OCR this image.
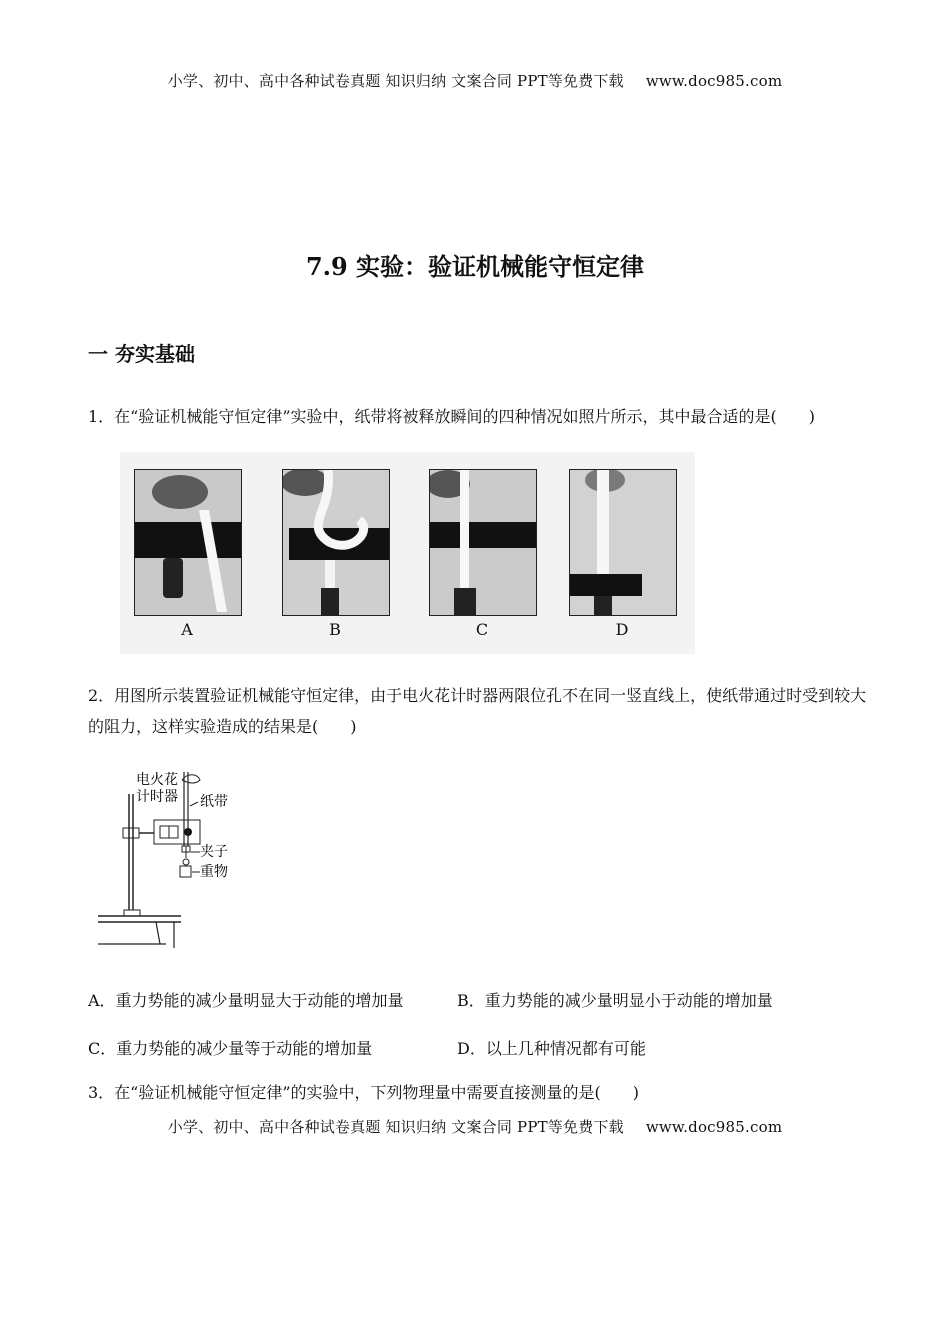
小学、初中、高中各种试卷真题 知识归纳 文案合同 PPT等免费下载 www.doc985.com
7.9 实验：验证机械能守恒定律
一 夯实基础
1．在“验证机械能守恒定律”实验中，纸带将被释放瞬间的四种情况如照片所示，其中最合适的是(　　)
A	B	C	D
2．用图所示装置验证机械能守恒定律，由于电火花计时器两限位孔不在同一竖直线上，使纸带通过时受到较大的阻力，这样实验造成的结果是(　　)
电火花
计时器 纸带
夹子
重物
A．重力势能的减少量明显大于动能的增加量	B．重力势能的减少量明显小于动能的增加量
C．重力势能的减少量等于动能的增加量	D．以上几种情况都有可能
3．在“验证机械能守恒定律”的实验中，下列物理量中需要直接测量的是(　　)
小学、初中、高中各种试卷真题 知识归纳 文案合同 PPT等免费下载 www.doc985.com
